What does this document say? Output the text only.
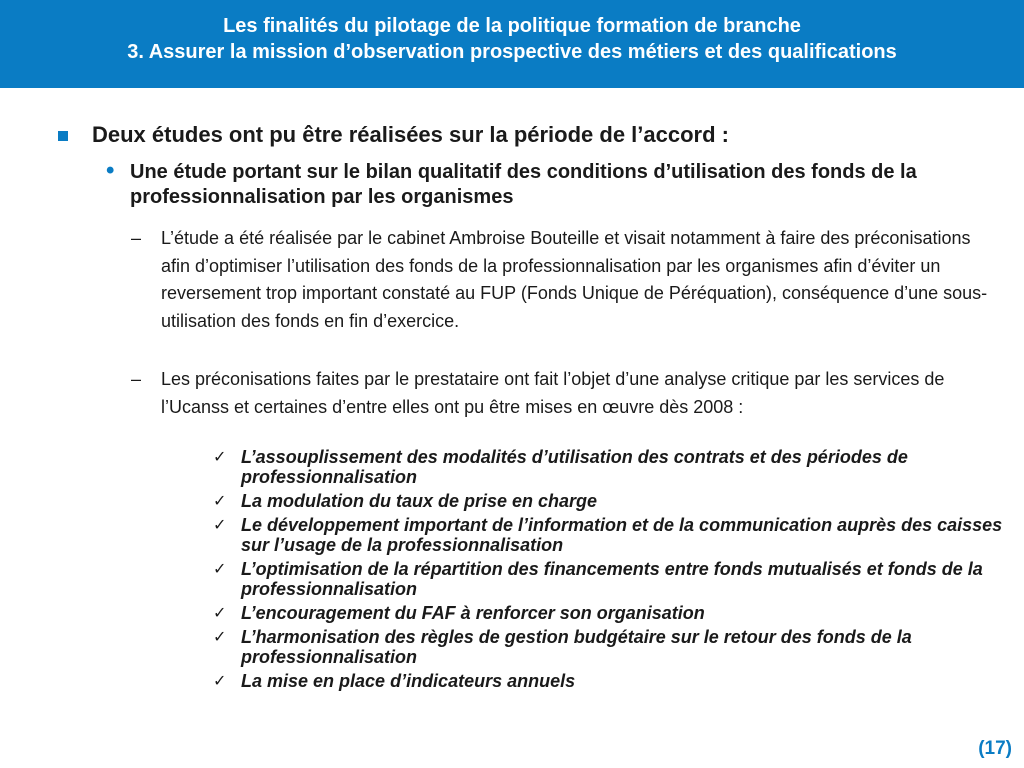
Les finalités du pilotage de la politique formation de branche
3. Assurer la mission d’observation prospective des métiers et des qualifications
Deux études ont pu être réalisées sur la période de l’accord :
• Une étude portant sur le bilan qualitatif des conditions d’utilisation des fonds de la professionnalisation par les organismes
– L’étude a été réalisée par le cabinet Ambroise Bouteille et visait notamment à faire des préconisations afin d’optimiser l’utilisation des fonds de la professionnalisation par les organismes afin d’éviter un reversement trop important constaté au FUP (Fonds Unique de Péréquation), conséquence d’une sous-utilisation des fonds en fin d’exercice.
– Les préconisations faites par le prestataire ont fait l’objet d’une analyse critique par les services de l’Ucanss et certaines d’entre elles ont pu être mises en œuvre dès 2008 :
✓ L’assouplissement des modalités d’utilisation des contrats et des périodes de professionnalisation
✓ La modulation du taux de prise en charge
✓ Le développement important de l’information et de la communication auprès des caisses sur l’usage de la professionnalisation
✓ L’optimisation de la répartition des financements entre fonds mutualisés et fonds de la professionnalisation
✓ L’encouragement du FAF à renforcer son organisation
✓ L’harmonisation des règles de gestion budgétaire sur le retour des fonds de la professionnalisation
✓ La mise en place d’indicateurs annuels
(17)
